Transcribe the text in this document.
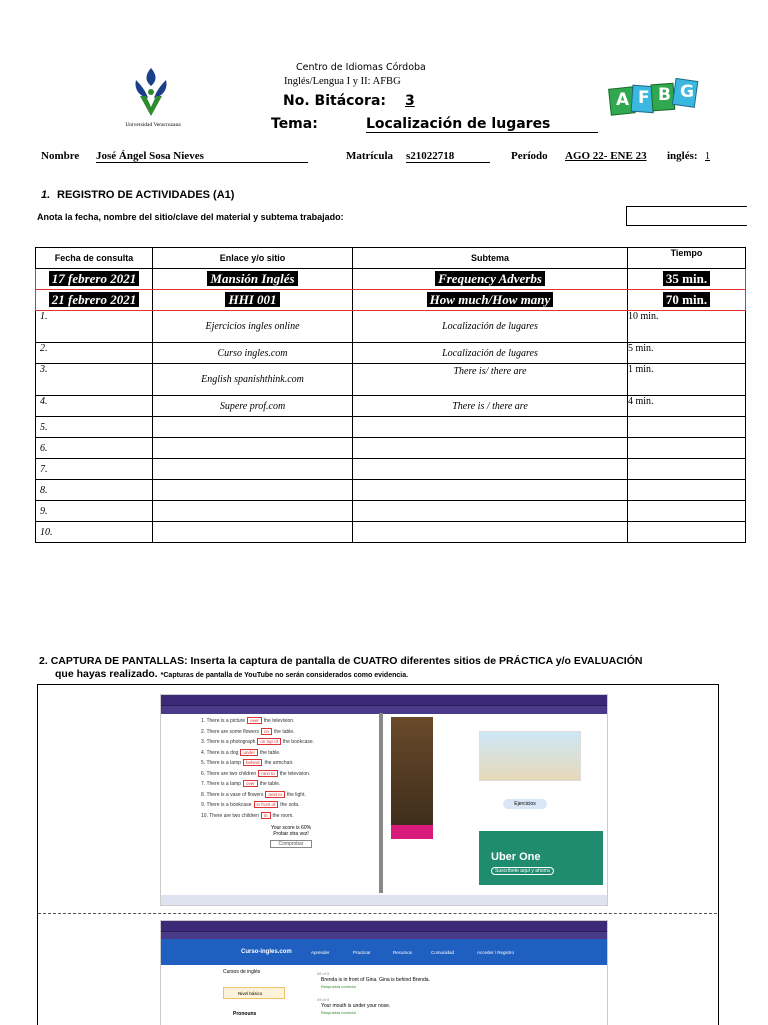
Universidad Veracruzana
Centro de Idiomas Córdoba
Inglés/Lengua I y II: AFBG
No. Bitácora: 3
Tema:	Localización de lugares
A F B G
Nombre José Ángel Sosa Nieves	Matrícula s21022718	Período AGO 22- ENE 23 inglés: 1
1. REGISTRO DE ACTIVIDADES (A1)
Anota la fecha, nombre del sitio/clave del material y subtema trabajado:
Fecha de consulta	Enlace y/o sitio	Subtema	Tiempo
17 febrero 2021	Mansión Inglés	Frequency Adverbs	35 min.
21 febrero 2021	HHI 001	How much/How many	70 min.
1.	Ejercicios ingles online	Localización de lugares	10 min.
2.	Curso ingles.com	Localización de lugares	5 min.
3.	English spanishthink.com	There is/ there are	1 min.
4.	Supere prof.com	There is / there are	4 min.
5.			
6.			
7.			
8.			
9.			
10.			
2. CAPTURA DE PANTALLAS: Inserta la captura de pantalla de CUATRO diferentes sitios de PRÁCTICA y/o EVALUACIÓN
que hayas realizado. *Capturas de pantalla de YouTube no serán considerados como evidencia.
1. There is a picture over the television.
2. There are some flowers on the table.
3. There is a photograph on top of the bookcase.
4. There is a dog under the table.
5. There is a lamp behind the armchair.
6. There are two children next to the television.
7. There is a lamp over the table.
8. There is a vase of flowers next to the light.
9. There is a bookcase in front of the sofa.
10. There are two children in the room.
Your score is 60%
Probar otra vez!
Comprobar
Ejercicios
Uber One
Suscríbete aquí y ahorra
Curso-ingles.com	Aprender	Practicar	Recursos	Comunidad	Acceder / Registro
Cursos de inglés
Nivel básico
Pronouns
08 of 5
Brenda is in front of Gina. Gina is behind Brenda.
Respuesta correcta
09 of 5
Your mouth is under your nose.
Respuesta correcta
